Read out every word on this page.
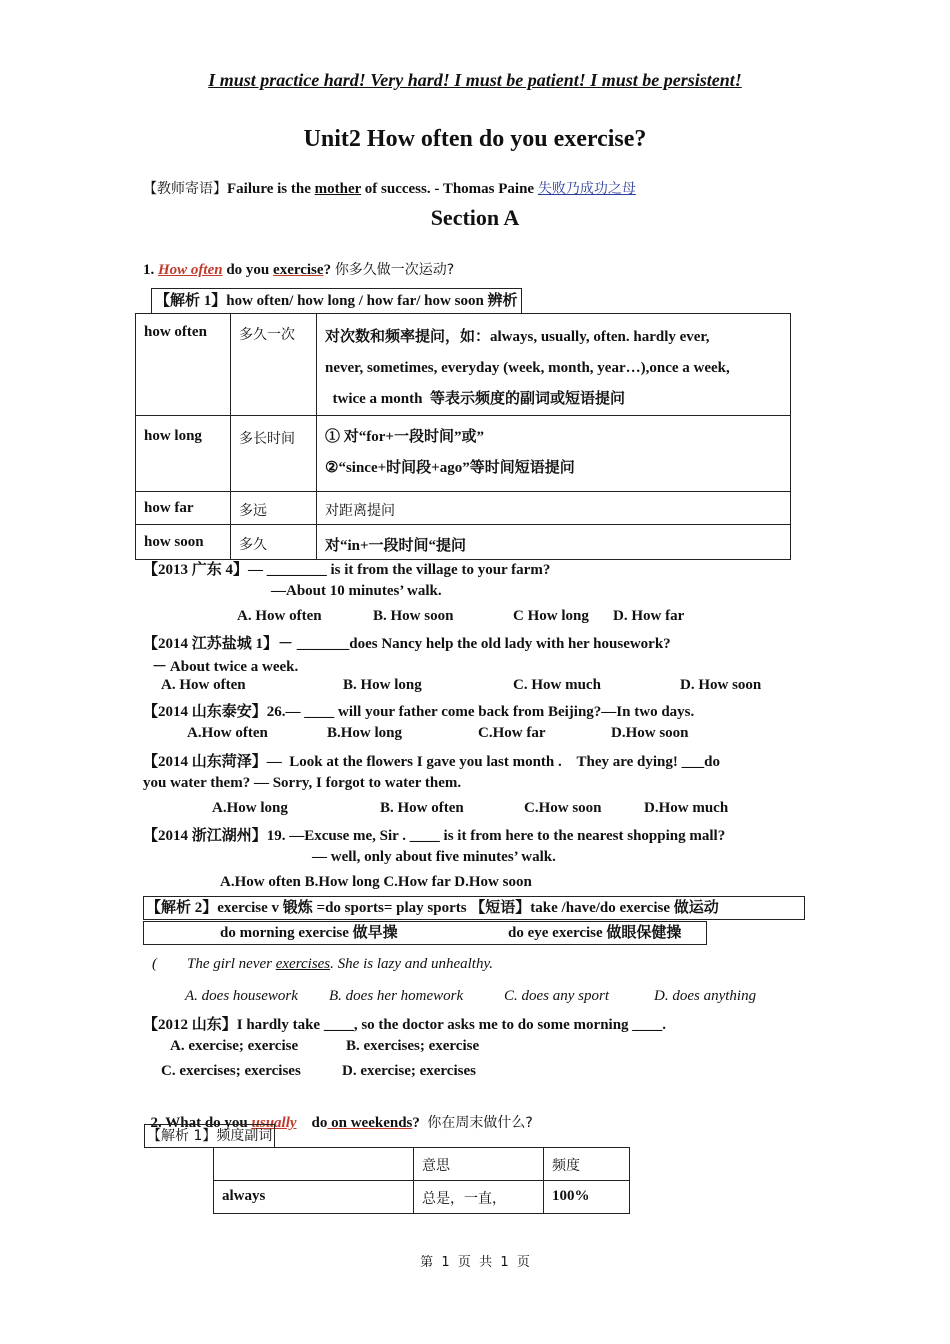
I must practice hard! Very hard! I must be patient! I must be persistent!
Unit2 How often do you exercise?
【教师寄语】Failure is the mother of success. - Thomas Paine 失败乃成功之母
Section A
1. How often do you exercise? 你多久做一次运动?
【解析 1】how often/ how long / how far/ how soon 辨析
how often	多久一次	对次数和频率提问，如：always, usually, often. hardly ever,
never, sometimes, everyday (week, month, year…),once a week,
twice a month  等表示频度的副词或短语提问

how long	多长时间	① 对“for+一段时间”或”
②“since+时间段+ago”等时间短语提问

how far	多远	对距离提问
how soon	多久	对“in+一段时间“提问
【2013 广东 4】— ________ is it from the village to your farm?
—About 10 minutes’ walk.
A. How often	B. How soon	C How long D. How far
【2014 江苏盐城 1】－ _______does Nancy help the old lady with her housework?
－ About twice a week.
A. How often	B. How long	C. How much	D. How soon
【2014 山东泰安】26.— ____ will your father come back from Beijing?—In two days.
A.How often	B.How long	C.How far	D.How soon
【2014 山东菏泽】—  Look at the flowers I gave you last month .    They are dying! ___do
you water them? — Sorry, I forgot to water them.
A.How long	B. How often	C.How soon	D.How much
【2014 浙江湖州】19. —Excuse me, Sir . ____ is it from here to the nearest shopping mall?
— well, only about five minutes’ walk.
A.How often B.How long C.How far D.How soon
【解析 2】exercise v 锻炼 =do sports= play sports 【短语】take /have/do exercise 做运动
do morning exercise 做早操	do eye exercise 做眼保健操
( The girl never exercises. She is lazy and unhealthy.
A. does housework B. does her homework	C. does any sport	D. does anything
【2012 山东】I hardly take ____, so the doctor asks me to do some morning ____.
A. exercise; exercise	B. exercises; exercise
C. exercises; exercises	D. exercise; exercises

2. What do you usually    do on weekends? 你在周末做什么?

【解析 1】频度副词
	意思	频度
always	总是，一直，	100%
第  1  页  共  1  页
